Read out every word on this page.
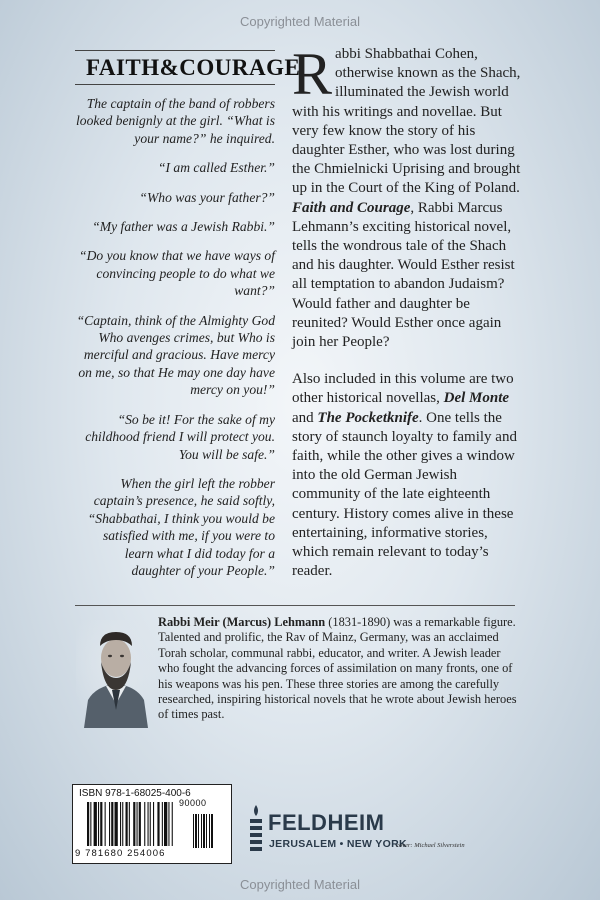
Copyrighted Material
FAITH&COURAGE

The captain of the band of robbers looked benignly at the girl. “What is your name?” he inquired.

“I am called Esther.”

“Who was your father?”

“My father was a Jewish Rabbi.”

“Do you know that we have ways of convincing people to do what we want?”

“Captain, think of the Almighty God Who avenges crimes, but Who is merciful and gracious. Have mercy on me, so that He may one day have mercy on you!”

“So be it! For the sake of my childhood friend I will protect you. You will be safe.”

When the girl left the robber captain’s presence, he said softly, “Shabbathai, I think you would be satisfied with me, if you were to learn what I did today for a daughter of your People.”

Rabbi Shabbathai Cohen, otherwise known as the Shach, illuminated the Jewish world with his writings and novellae. But very few know the story of his daughter Esther, who was lost during the Chmielnicki Uprising and brought up in the Court of the King of Poland. Faith and Courage, Rabbi Marcus Lehmann’s exciting historical novel, tells the wondrous tale of the Shach and his daughter. Would Esther resist all temptation to abandon Judaism? Would father and daughter be reunited? Would Esther once again join her People?

Also included in this volume are two other historical novellas, Del Monte and The Pocketknife. One tells the story of staunch loyalty to family and faith, while the other gives a window into the old German Jewish community of the late eighteenth century. History comes alive in these entertaining, informative stories, which remain relevant to today’s reader.

Rabbi Meir (Marcus) Lehmann (1831-1890) was a remarkable figure. Talented and prolific, the Rav of Mainz, Germany, was an acclaimed Torah scholar, communal rabbi, educator, and writer. A Jewish leader who fought the advancing forces of assimilation on many fronts, one of his weapons was his pen. These three stories are among the carefully researched, inspiring historical novels that he wrote about Jewish heroes of times past.

ISBN 978-1-68025-400-6
9 781680 254006
90000
FELDHEIM
JERUSALEM • NEW YORK
cover: Michael Silverstein
Copyrighted Material
